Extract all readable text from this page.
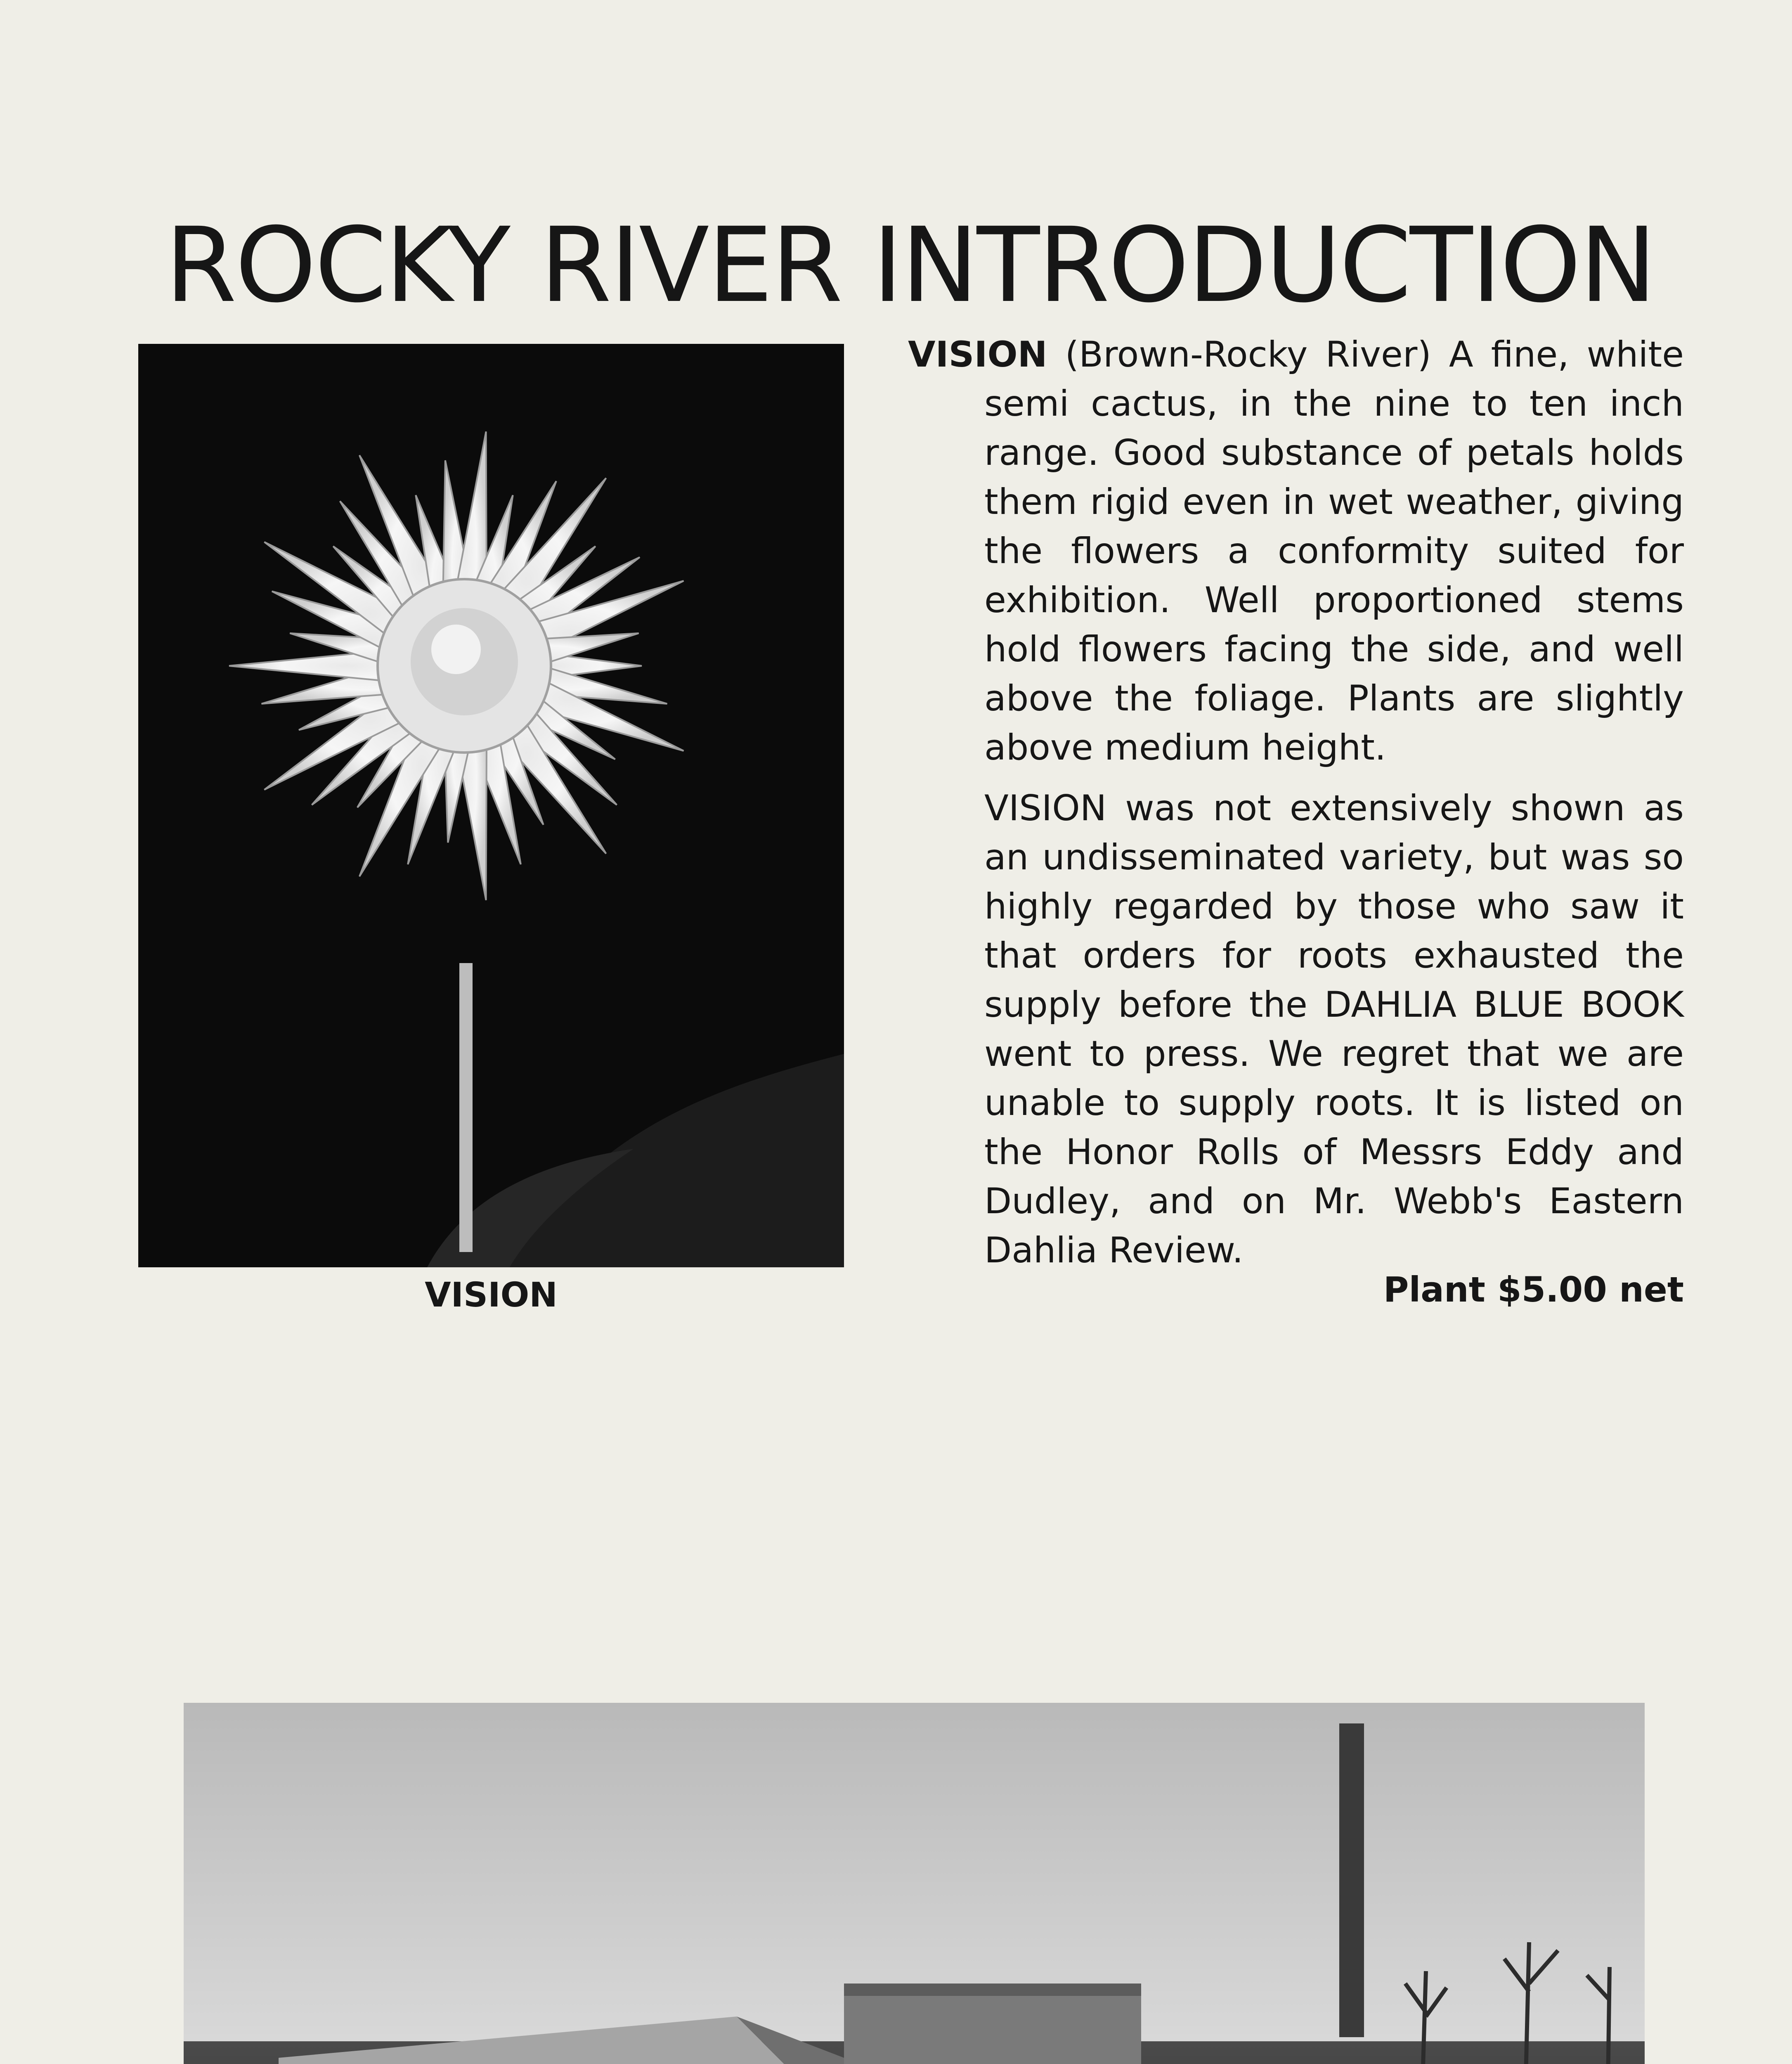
ROCKY RIVER INTRODUCTION
VISION

VISION (Brown-Rocky River) A fine, white semi cactus, in the nine to ten inch range. Good substance of petals holds them rigid even in wet weather, giving the flowers a conformity suited for exhibition. Well proportioned stems hold flowers facing the side, and well above the foliage. Plants are slightly above medium height.

VISION was not extensively shown as an undisseminated variety, but was so highly regarded by those who saw it that orders for roots exhausted the supply before the DAHLIA BLUE BOOK went to press. We regret that we are unable to supply roots. It is listed on the Honor Rolls of Messrs Eddy and Dudley, and on Mr. Webb's Eastern Dahlia Review.

Plant $5.00 net
